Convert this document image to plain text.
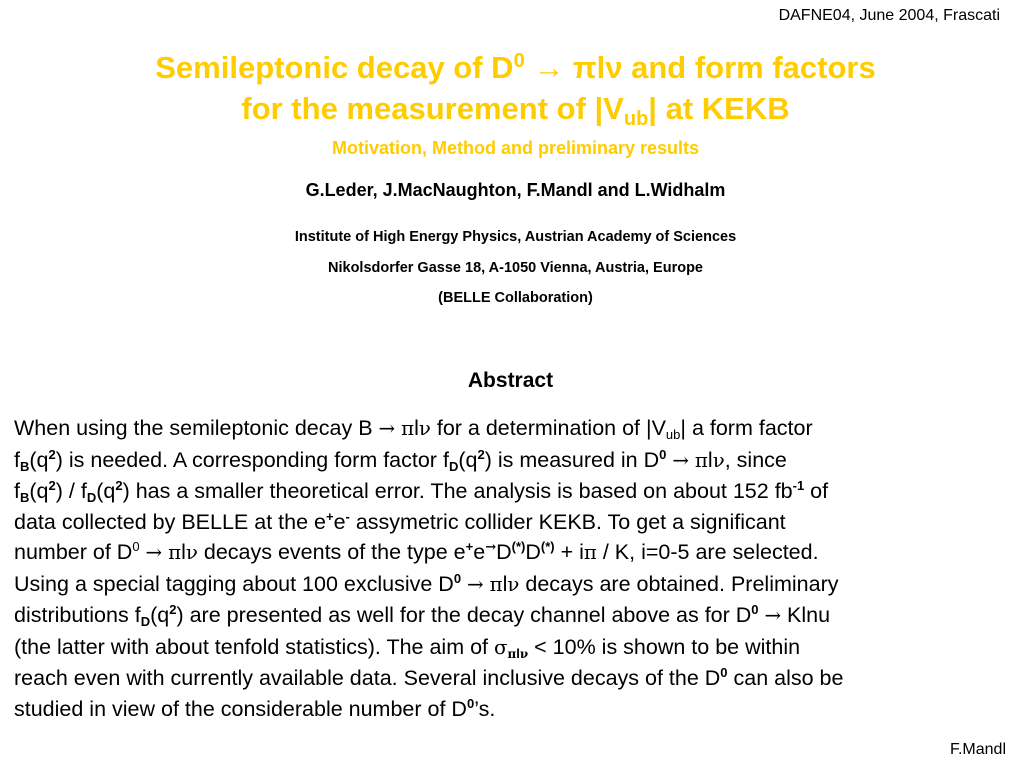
DAFNE04, June 2004, Frascati
Semileptonic decay of $D^0 \to \pi l\nu$ and form factors
for the measurement of $|V_{ub}|$ at KEKB
Motivation, Method and preliminary results
G.Leder, J.MacNaughton, F.Mandl and L.Widhalm
Institute of High Energy Physics, Austrian Academy of Sciences
Nikolsdorfer Gasse 18, A-1050 Vienna, Austria, Europe
(BELLE Collaboration)
Abstract
When using the semileptonic decay B → πlν for a determination of $|V_{ub}|$ a form factor
$f_B(q^2)$ is needed. A corresponding form factor $f_D(q^2)$ is measured in $D^0 \to \pi l\nu$, since
$f_B(q^2) / f_D(q^2)$ has a smaller theoretical error. The analysis is based on about 152 $fb^{-1}$ of
data collected by BELLE at the e+e- assymetric collider KEKB. To get a significant
number of $D^0 \to \pi l\nu$ decays events of the type e+e→D(*)D(*) + iπ / K, i=0-5 are selected.
Using a special tagging about 100 exclusive $D^0 \to \pi l\nu$ decays are obtained. Preliminary
distributions $f_D(q^2)$ are presented as well for the decay channel above as for $D^0 \to Klnu$
(the latter with about tenfold statistics). The aim of $\sigma_{\pi l\nu} < 10\%$ is shown to be within
reach even with currently available data. Several inclusive decays of the $D^0$ can also be
studied in view of the considerable number of $D^0’s$.
F.Mandl
